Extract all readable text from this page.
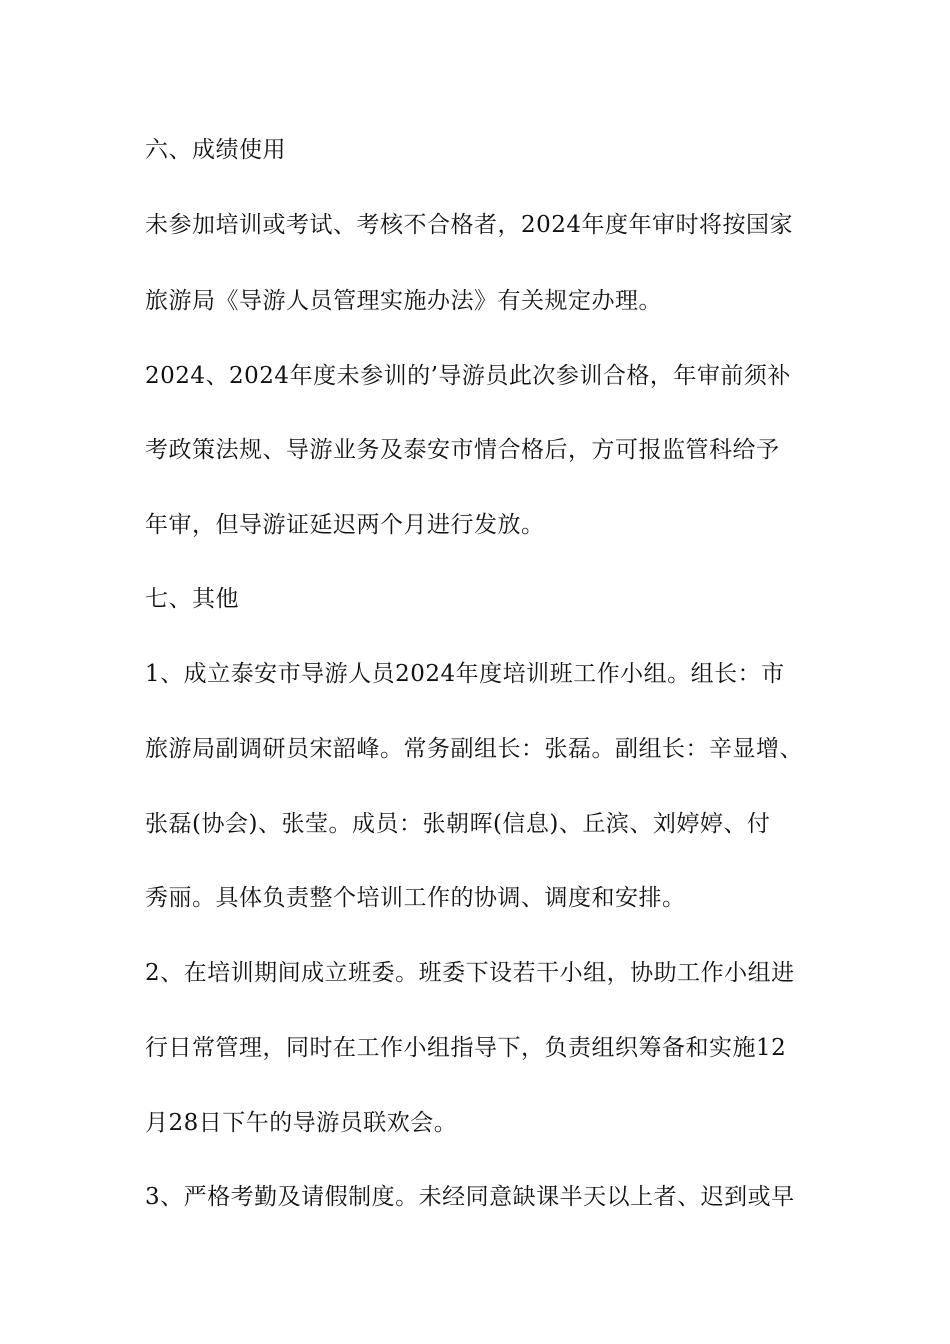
六、成绩使用
未参加培训或考试、考核不合格者，2024年度年审时将按国家
旅游局《导游人员管理实施办法》有关规定办理。
2024、2024年度未参训的’导游员此次参训合格，年审前须补
考政策法规、导游业务及泰安市情合格后，方可报监管科给予
年审，但导游证延迟两个月进行发放。
七、其他
1、成立泰安市导游人员2024年度培训班工作小组。组长：市
旅游局副调研员宋韶峰。常务副组长：张磊。副组长：辛显增、
张磊(协会)、张莹。成员：张朝晖(信息)、丘滨、刘婷婷、付
秀丽。具体负责整个培训工作的协调、调度和安排。
2、在培训期间成立班委。班委下设若干小组，协助工作小组进
行日常管理，同时在工作小组指导下，负责组织筹备和实施12
月28日下午的导游员联欢会。
3、严格考勤及请假制度。未经同意缺课半天以上者、迟到或早
